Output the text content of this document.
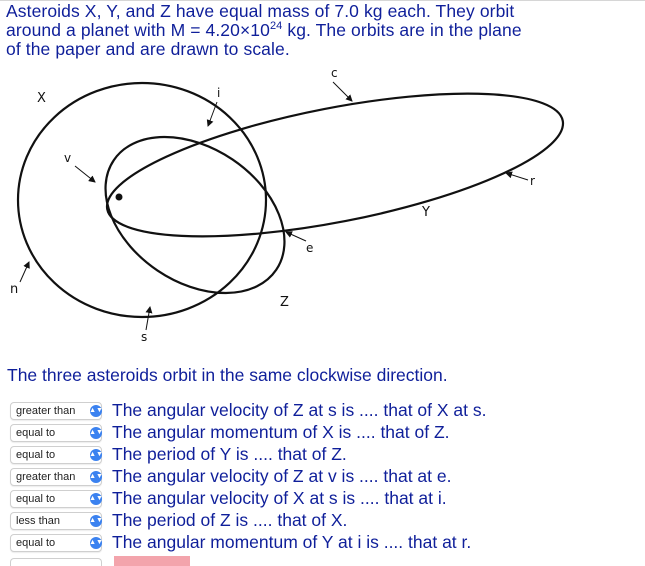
Asteroids X, Y, and Z have equal mass of 7.0 kg each. They orbit
around a planet with $M = 4.20\times 10^{24}$ kg. The orbits are in the plane
of the paper and are drawn to scale.
X
c
i
v
r
Y
e
n
Z
s
The three asteroids orbit in the same clockwise direction.
greater than ▲▼ The angular velocity of Z at s is .... that of X at s.
equal to	▲▼ The angular momentum of X is .... that of Z.
equal to	▲▼ The period of Y is .... that of Z.
greater than ▲▼ The angular velocity of Z at v is .... that at e.
equal to	▲▼ The angular velocity of X at s is .... that at i.
less than	▲▼ The period of Z is .... that of X.
equal to	▲▼ The angular momentum of Y at i is .... that at r.
